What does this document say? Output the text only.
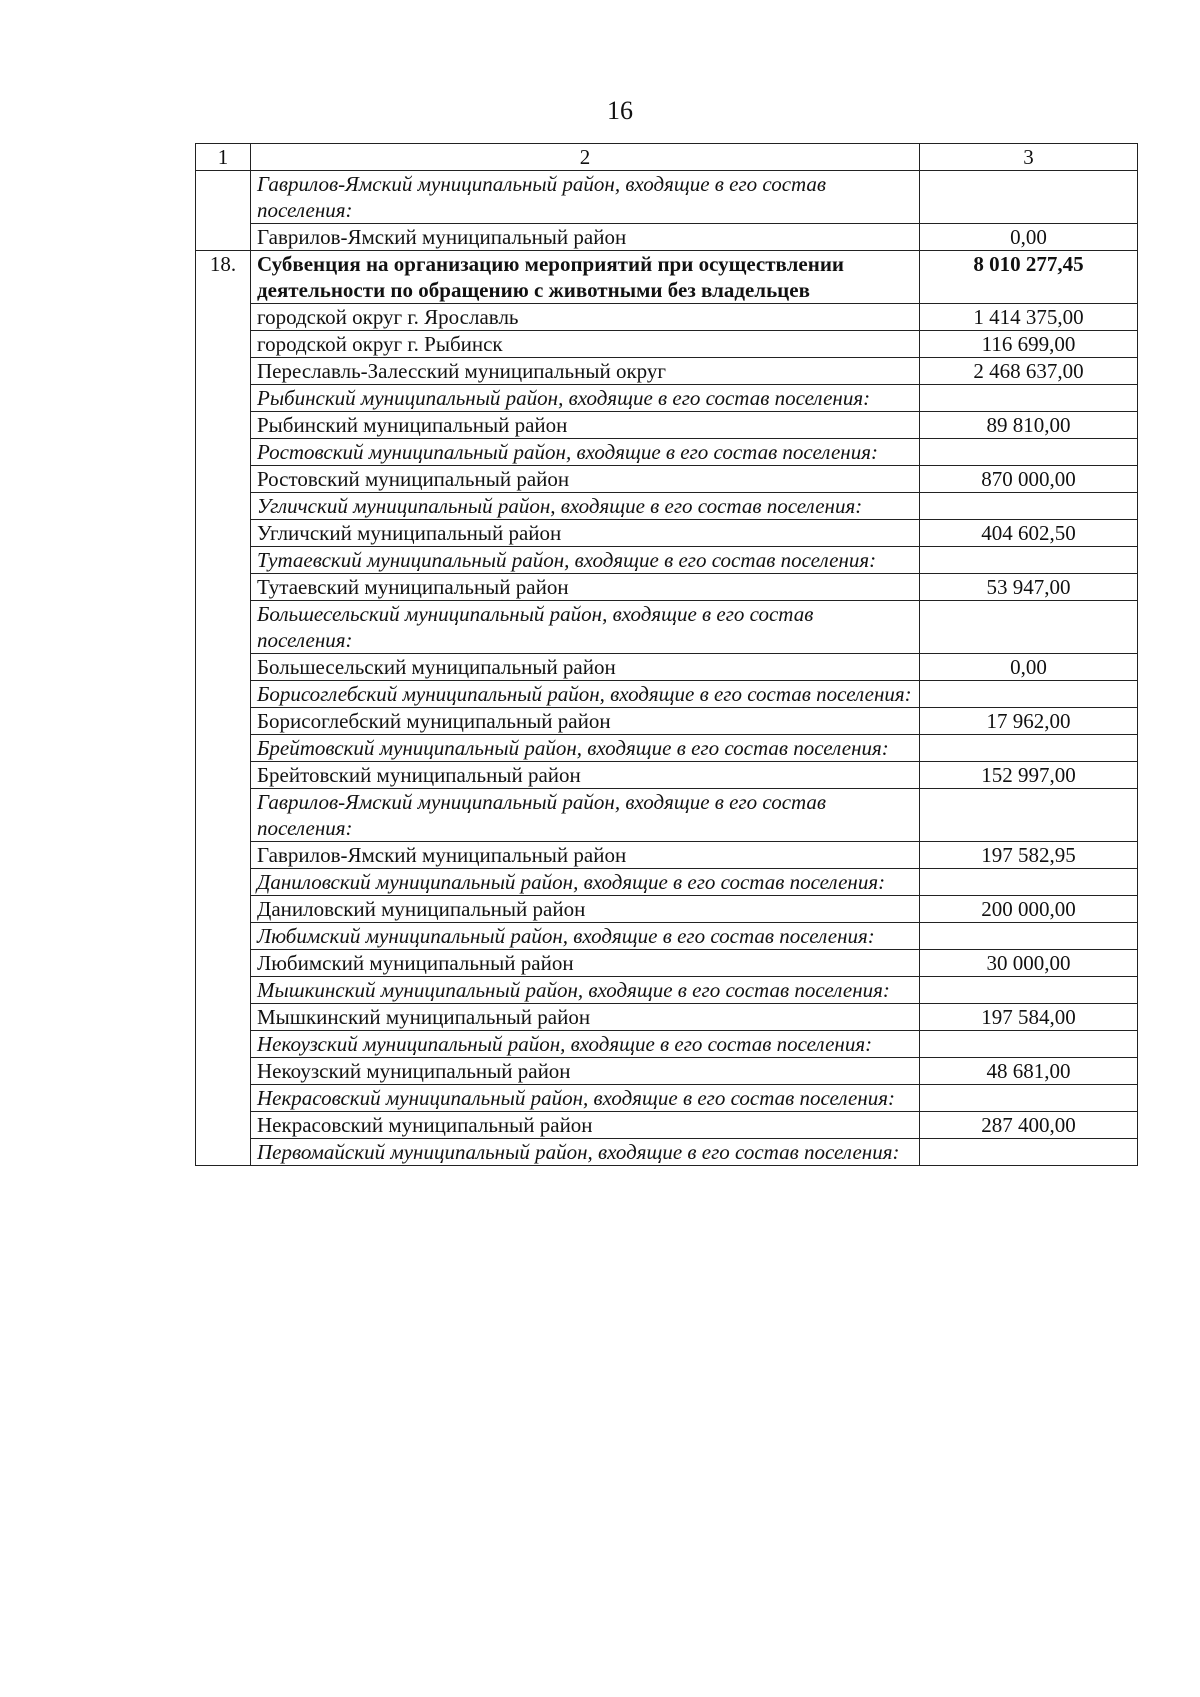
16
1	2	3
	Гаврилов-Ямский муниципальный район, входящие в его состав поселения:	
	Гаврилов-Ямский муниципальный район	0,00
18.	Субвенция на организацию мероприятий при осуществлении деятельности по обращению с животными без владельцев	8 010 277,45
	городской округ г. Ярославль	1 414 375,00
	городской округ г. Рыбинск	116 699,00
	Переславль-Залесский муниципальный округ	2 468 637,00
	Рыбинский муниципальный район, входящие в его состав поселения:	
	Рыбинский муниципальный район	89 810,00
	Ростовский муниципальный район, входящие в его состав поселения:	
	Ростовский муниципальный район	870 000,00
	Угличский муниципальный район, входящие в его состав поселения:	
	Угличский муниципальный район	404 602,50
	Тутаевский муниципальный район, входящие в его состав поселения:	
	Тутаевский муниципальный район	53 947,00
	Большесельский муниципальный район, входящие в его состав поселения:	
	Большесельский муниципальный район	0,00
	Борисоглебский муниципальный район, входящие в его состав поселения:	
	Борисоглебский муниципальный район	17 962,00
	Брейтовский муниципальный район, входящие в его состав поселения:	
	Брейтовский муниципальный район	152 997,00
	Гаврилов-Ямский муниципальный район, входящие в его состав поселения:	
	Гаврилов-Ямский муниципальный район	197 582,95
	Даниловский муниципальный район, входящие в его состав поселения:	
	Даниловский муниципальный район	200 000,00
	Любимский муниципальный район, входящие в его состав поселения:	
	Любимский муниципальный район	30 000,00
	Мышкинский муниципальный район, входящие в его состав поселения:	
	Мышкинский муниципальный район	197 584,00
	Некоузский муниципальный район, входящие в его состав поселения:	
	Некоузский муниципальный район	48 681,00
	Некрасовский муниципальный район, входящие в его состав поселения:	
	Некрасовский муниципальный район	287 400,00
	Первомайский муниципальный район, входящие в его состав поселения:	
